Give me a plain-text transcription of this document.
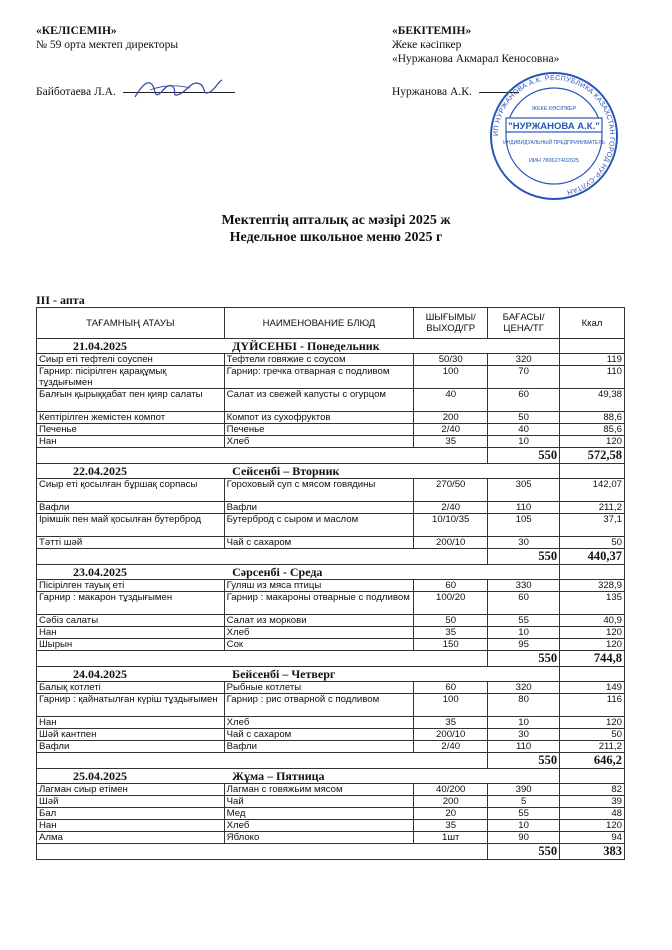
«КЕЛІСЕМІН»
№ 59 орта мектеп директоры
Байботаева Л.А.
«БЕКІТЕМІН»
Жеке кәсіпкер
«Нуржанова Акмарал Кеносовна»
Нуржанова А.К.
ИП НУРЖАНОВА А.К. РЕСПУБЛИКА КАЗАХСТАН ГОРОД НУР-СУЛТАН
ЖЕКЕ КӘСІПКЕР
"НУРЖАНОВА А.К."
ИНДИВИДУАЛЬНЫЙ ПРЕДПРИНИМАТЕЛЬ
ИИН 780627402025
Мектептің апталық ас мәзірі 2025 ж
Недельное школьное меню 2025 г
III - апта
ТАҒАМНЫҢ АТАУЫ	НАИМЕНОВАНИЕ БЛЮД	ШЫҒЫМЫ/ ВЫХОД/ГР	БАҒАСЫ/ ЦЕНА/ТГ	Ккал
21.04.2025	ДҮЙСЕНБІ - Понедельник			
Сиыр еті тефтелі соуспен	Тефтели говяжие с соусом	50/30	320	119
Гарнир: пісірілген қарақұмық тұздығымен	Гарнир: гречка отварная с подливом	100	70	110
Балғын қырыққабат пен қияр салаты	Салат из свежей капусты с огурцом	40	60	49,38
Кептірілген жемістен компот	Компот из сухофруктов	200	50	88,6
Печенье	Печенье	2/40	40	85,6
Нан	Хлеб	35	10	120
			550	572,58
22.04.2025	Сейсенбі – Вторник			
Сиыр еті қосылған бұршақ сорпасы	Гороховый суп с мясом говядины	270/50	305	142,07
Вафли	Вафли	2/40	110	211,2
Ірімшік пен май қосылған бутерброд	Бутерброд с сыром и маслом	10/10/35	105	37,1
Тәтті шәй	Чай с сахаром	200/10	30	50
			550	440,37
23.04.2025	Сәрсенбі - Среда			
Пісірілген тауық еті	Гуляш из мяса птицы	60	330	328,9
Гарнир : макарон тұздығымен	Гарнир : макароны отварные с подливом	100/20	60	135
Сәбіз салаты	Салат из моркови	50	55	40,9
Нан	Хлеб	35	10	120
Шырын	Сок	150	95	120
			550	744,8
24.04.2025	Бейсенбі – Четверг			
Балық котлеті	Рыбные котлеты	60	320	149
Гарнир : қайнатылған күріш тұздығымен	Гарнир : рис отварной с подливом	100	80	116
Нан	Хлеб	35	10	120
Шәй кантпен	Чай с сахаром	200/10	30	50
Вафли	Вафли	2/40	110	211,2
			550	646,2
25.04.2025	Жұма – Пятница			
Лагман сиыр етімен	Лагман с говяжьим мясом	40/200	390	82
Шәй	Чай	200	5	39
Бал	Мед	20	55	48
Нан	Хлеб	35	10	120
Алма	Яблоко	1шт	90	94
			550	383
